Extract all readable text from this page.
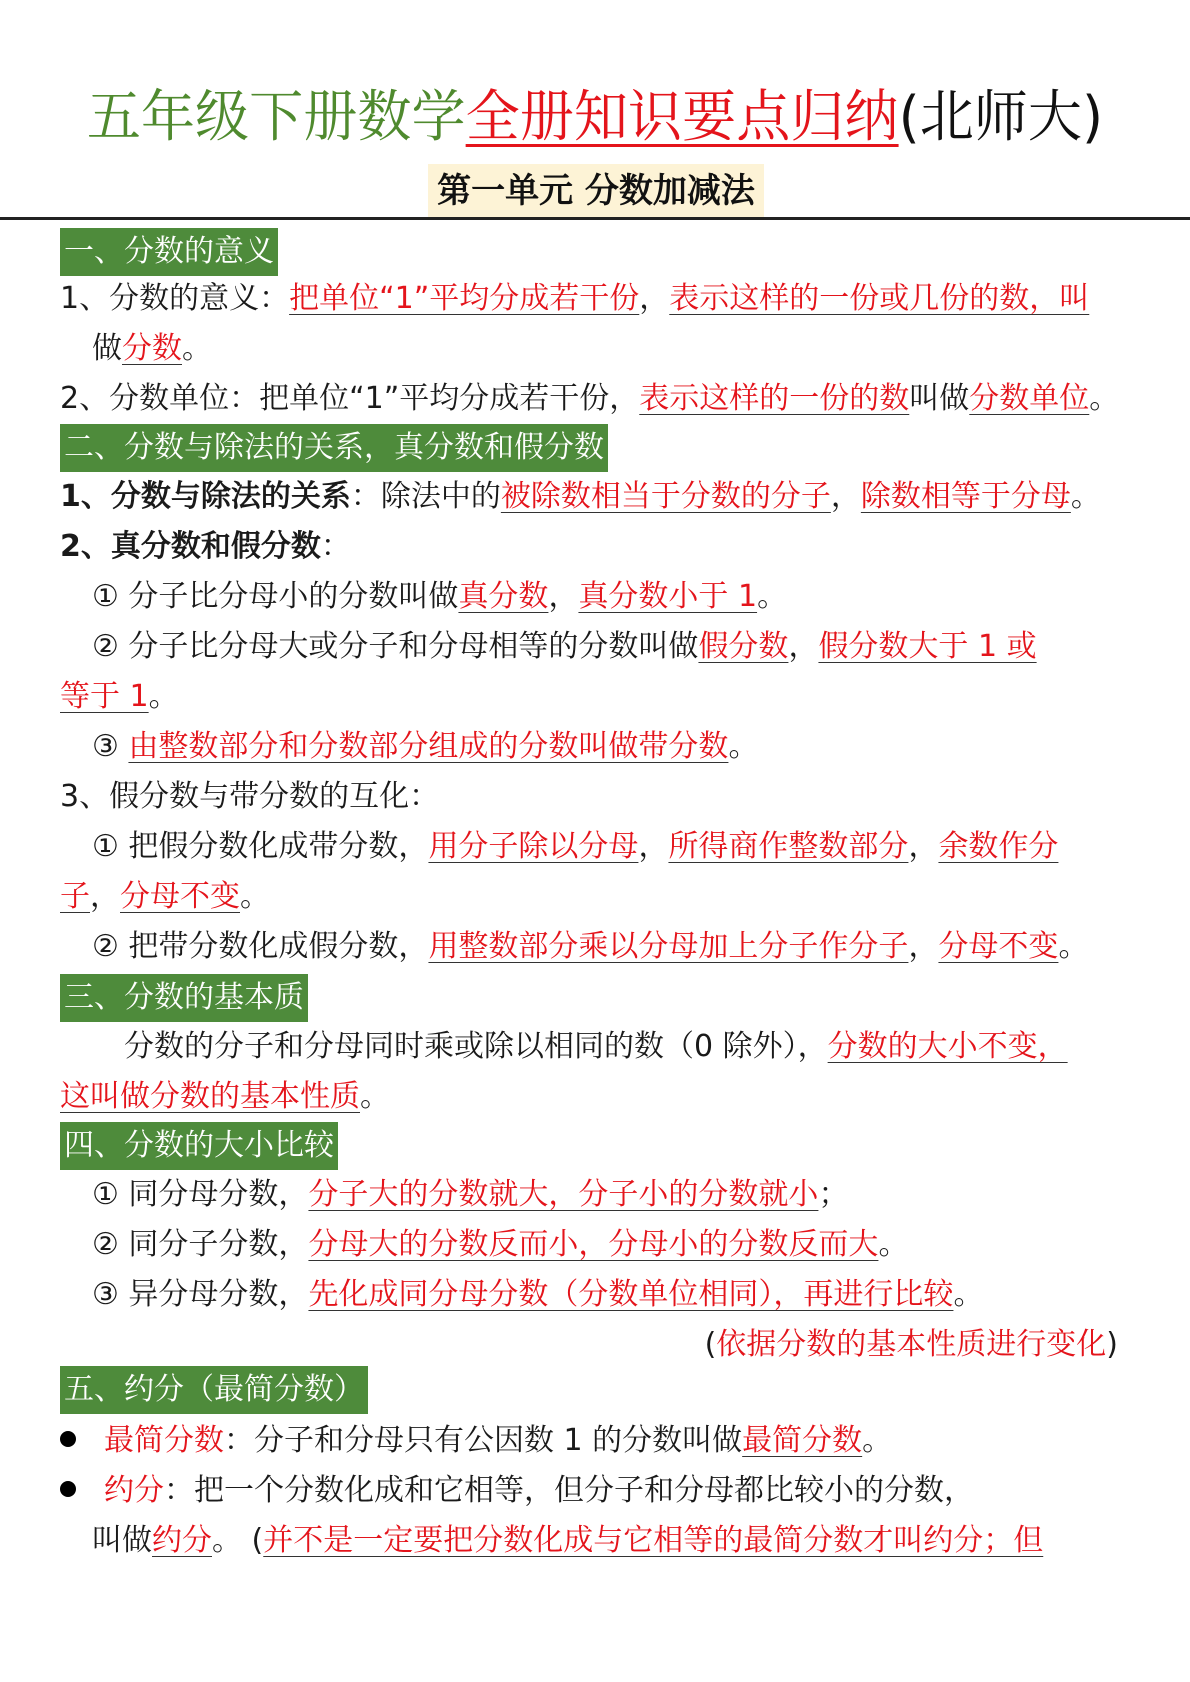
五年级下册数学全册知识要点归纳(北师大)
第一单元 分数加减法
一、分数的意义
1、分数的意义：把单位“1”平均分成若干份，表示这样的一份或几份的数，叫
做分数。
2、分数单位：把单位“1”平均分成若干份，表示这样的一份的数叫做分数单位。
二、分数与除法的关系，真分数和假分数
1、分数与除法的关系：除法中的被除数相当于分数的分子，除数相等于分母。
2、真分数和假分数：
① 分子比分母小的分数叫做真分数，真分数小于 1。
② 分子比分母大或分子和分母相等的分数叫做假分数，假分数大于 1 或
等于 1。
③ 由整数部分和分数部分组成的分数叫做带分数。
3、假分数与带分数的互化：
① 把假分数化成带分数，用分子除以分母，所得商作整数部分，余数作分
子，分母不变。
② 把带分数化成假分数，用整数部分乘以分母加上分子作分子，分母不变。
三、分数的基本质
分数的分子和分母同时乘或除以相同的数（0 除外），分数的大小不变，
这叫做分数的基本性质。
四、分数的大小比较
① 同分母分数，分子大的分数就大，分子小的分数就小；
② 同分子分数，分母大的分数反而小，分母小的分数反而大。
③ 异分母分数，先化成同分母分数（分数单位相同），再进行比较。
(依据分数的基本性质进行变化)
五、约分（最简分数）
最简分数：分子和分母只有公因数 1 的分数叫做最简分数。
约分：把一个分数化成和它相等，但分子和分母都比较小的分数，
叫做约分。 (并不是一定要把分数化成与它相等的最简分数才叫约分；但
